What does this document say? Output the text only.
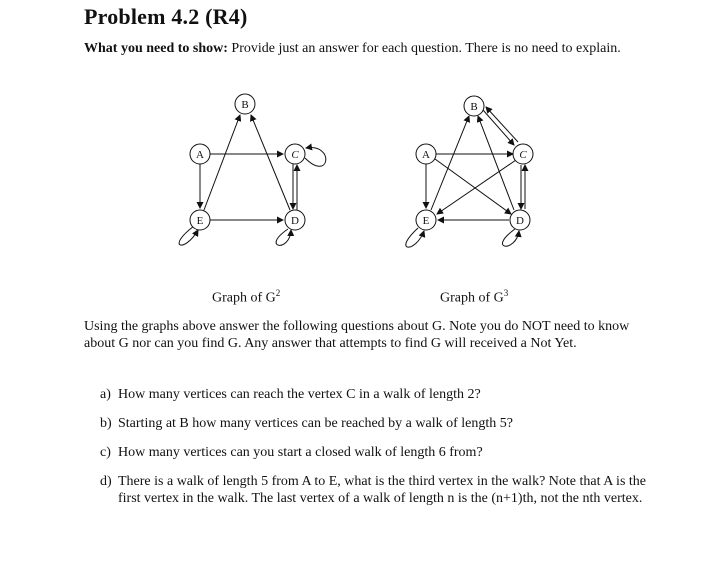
Problem 4.2 (R4)
What you need to show: Provide just an answer for each question. There is no need to explain.
B
A	C
E	D
B
A	C
E	D
Graph of $G^2$	Graph of $G^3$
Using the graphs above answer the following questions about G. Note you do NOT need to know about G nor can you find G. Any answer that attempts to find G will received a Not Yet.
a) How many vertices can reach the vertex C in a walk of length 2?
b) Starting at B how many vertices can be reached by a walk of length 5?
c) How many vertices can you start a closed walk of length 6 from?
d) There is a walk of length 5 from A to E, what is the third vertex in the walk? Note that A is the first vertex in the walk. The last vertex of a walk of length n is the (n+1)th, not the nth vertex.
